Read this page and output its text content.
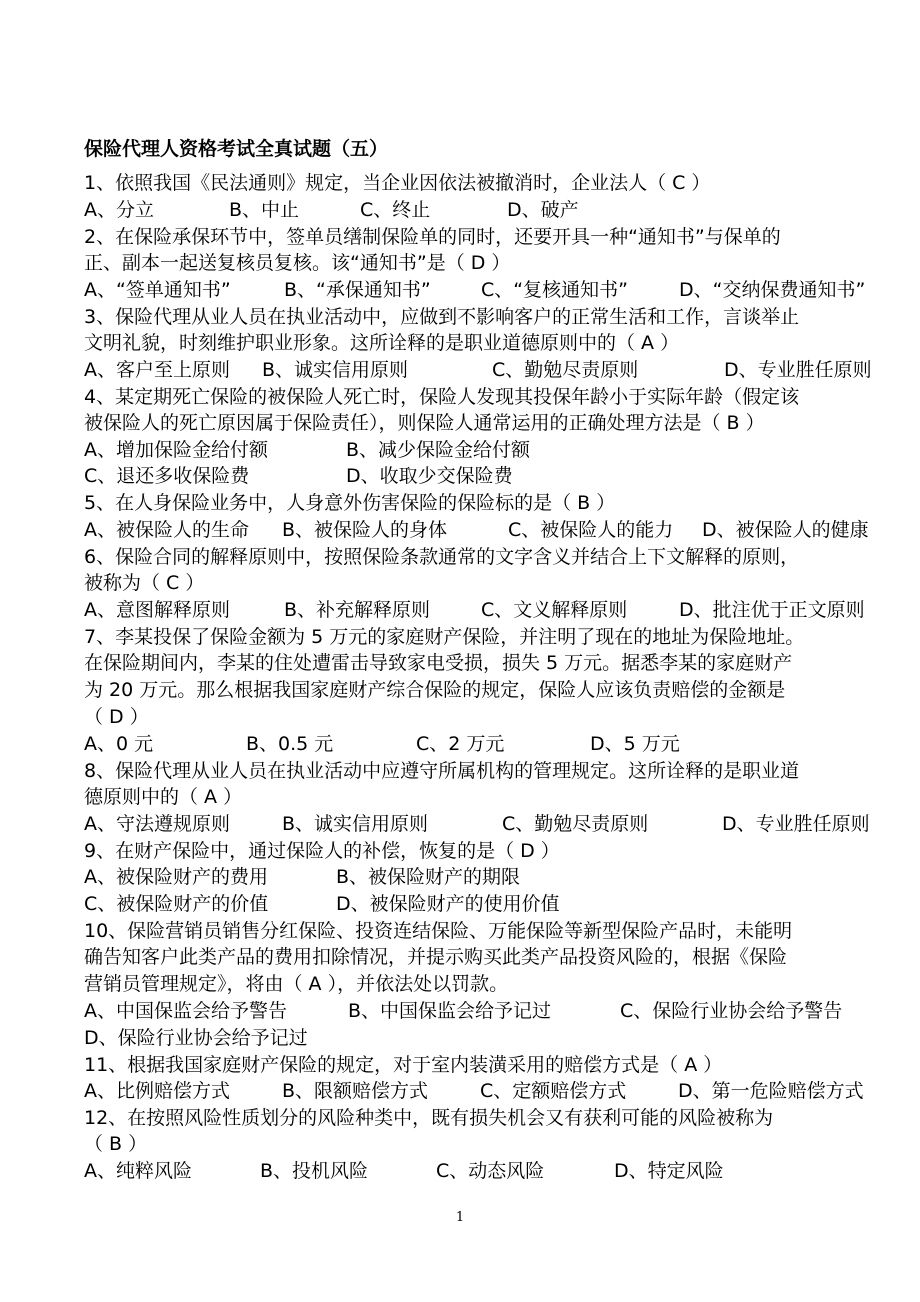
保险代理人资格考试全真试题（五）
1、依照我国《民法通则》规定，当企业因依法被撤消时，企业法人（ C ）
A、分立	B、中止	C、终止	D、破产
2、在保险承保环节中，签单员缮制保险单的同时，还要开具一种“通知书”与保单的
正、副本一起送复核员复核。该“通知书”是（ D ）
A、“签单通知书”	B、“承保通知书”	C、“复核通知书”	D、“交纳保费通知书”
3、保险代理从业人员在执业活动中，应做到不影响客户的正常生活和工作，言谈举止
文明礼貌，时刻维护职业形象。这所诠释的是职业道德原则中的（ A ）
A、客户至上原则 B、诚实信用原则	C、勤勉尽责原则	D、专业胜任原则
4、某定期死亡保险的被保险人死亡时，保险人发现其投保年龄小于实际年龄（假定该
被保险人的死亡原因属于保险责任），则保险人通常运用的正确处理方法是（ B ）
A、增加保险金给付额	B、减少保险金给付额
C、退还多收保险费	D、收取少交保险费
5、在人身保险业务中，人身意外伤害保险的保险标的是（ B ）
A、被保险人的生命 B、被保险人的身体	C、被保险人的能力 D、被保险人的健康
6、保险合同的解释原则中，按照保险条款通常的文字含义并结合上下文解释的原则，
被称为（ C ）
A、意图解释原则	B、补充解释原则	C、文义解释原则	D、批注优于正文原则
7、李某投保了保险金额为 5 万元的家庭财产保险，并注明了现在的地址为保险地址。
在保险期间内，李某的住处遭雷击导致家电受损，损失 5 万元。据悉李某的家庭财产
为 20 万元。那么根据我国家庭财产综合保险的规定，保险人应该负责赔偿的金额是
（ D ）
A、0 元	B、0.5 元	C、2 万元	D、5 万元
8、保险代理从业人员在执业活动中应遵守所属机构的管理规定。这所诠释的是职业道
德原则中的（ A ）
A、守法遵规原则	B、诚实信用原则	C、勤勉尽责原则	D、专业胜任原则
9、在财产保险中，通过保险人的补偿，恢复的是（ D ）
A、被保险财产的费用	B、被保险财产的期限
C、被保险财产的价值	D、被保险财产的使用价值
10、保险营销员销售分红保险、投资连结保险、万能保险等新型保险产品时，未能明
确告知客户此类产品的费用扣除情况，并提示购买此类产品投资风险的，根据《保险
营销员管理规定》，将由（ A ），并依法处以罚款。
A、中国保监会给予警告	B、中国保监会给予记过	C、保险行业协会给予警告
D、保险行业协会给予记过
11、根据我国家庭财产保险的规定，对于室内装潢采用的赔偿方式是（ A ）
A、比例赔偿方式	B、限额赔偿方式	C、定额赔偿方式	D、第一危险赔偿方式
12、在按照风险性质划分的风险种类中，既有损失机会又有获利可能的风险被称为
（ B ）
A、纯粹风险	B、投机风险	C、动态风险	D、特定风险
1
